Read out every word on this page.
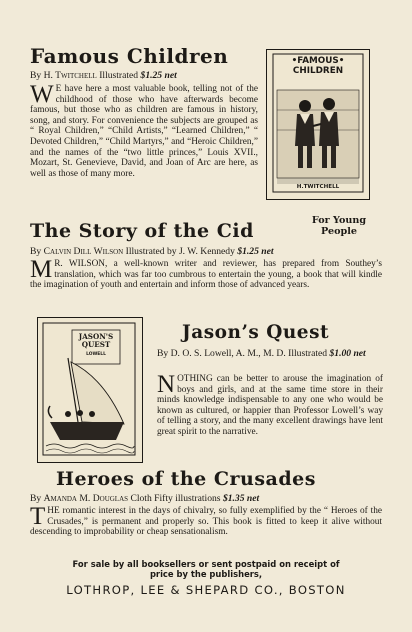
Famous Children
By H. Twitchell Illustrated $1.25 net
W E have here a most valuable book, telling not of the childhood of those who have afterwards become famous, but those who as children are famous in history, song, and story. For convenience the subjects are grouped as “ Royal Children,” “Child Artists,” “Learned Children,” “ Devoted Children,” “Child Martyrs,” and “Heroic Children,” and the names of the “two little princes,” Louis XVII., Mozart, St. Genevieve, David, and Joan of Arc are here, as well as those of many more.
•FAMOUS• CHILDREN
H.TWITCHELL
The Story of the Cid	For Young People
By Calvin Dill Wilson Illustrated by J. W. Kennedy $1.25 net
M R. WILSON, a well-known writer and reviewer, has prepared from Southey’s translation, which was far too cumbrous to entertain the young, a book that will kindle the imagination of youth and entertain and inform those of advanced years.
JASON'S QUEST
LOWELL
Jason’s Quest
By D. O. S. Lowell, A. M., M. D. Illustrated $1.00 net
NOTHING can be better to arouse the imagination of boys and girls, and at the same time store in their minds knowledge indispensable to any one who would be known as cultured, or happier than Professor Lowell’s way of telling a story, and the many excellent drawings have lent great spirit to the narrative.
Heroes of the Crusades
By Amanda M. Douglas Cloth Fifty illustrations $1.35 net
THE romantic interest in the days of chivalry, so fully exemplified by the “ Heroes of the Crusades,” is permanent and properly so. This book is fitted to keep it alive without descending to improbability or cheap sensationalism.
For sale by all booksellers or sent postpaid on receipt of price by the publishers,
LOTHROP, LEE & SHEPARD CO., BOSTON
